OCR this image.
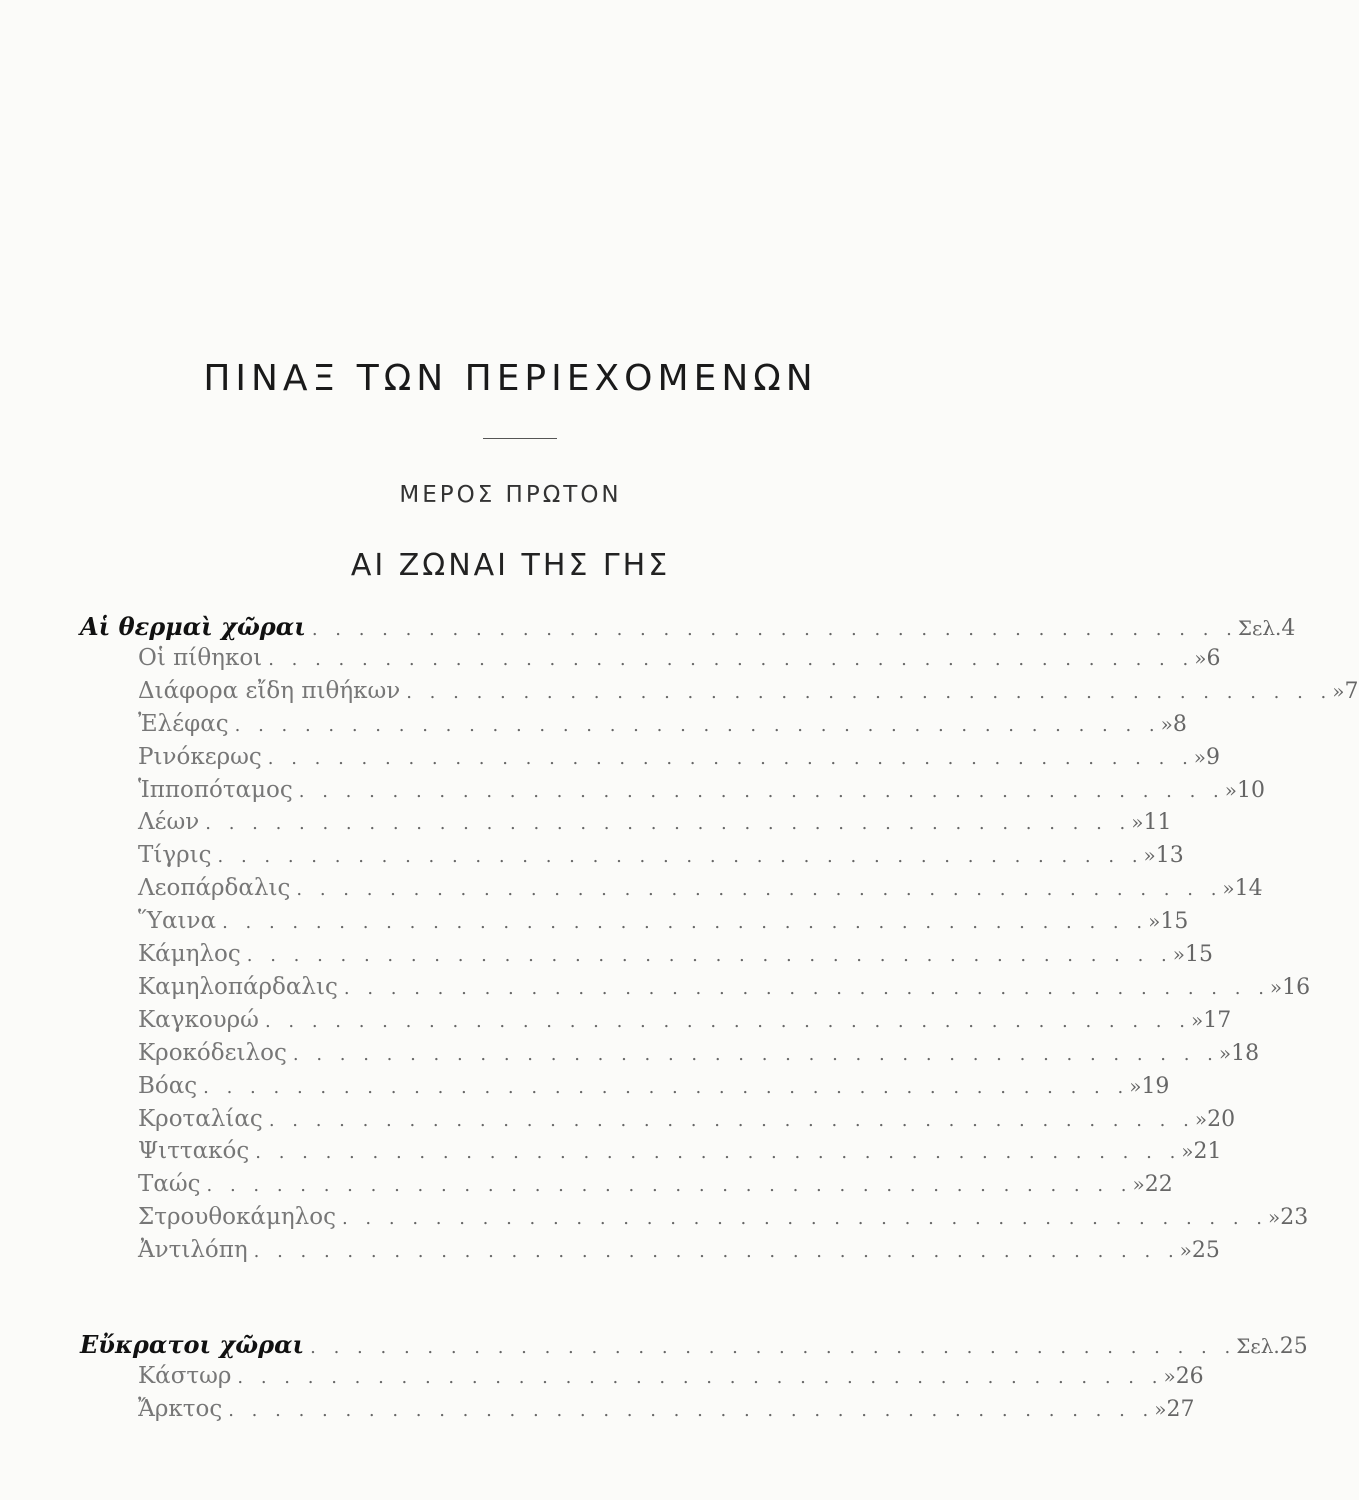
ΠΙΝΑΞ ΤΩΝ ΠΕΡΙΕΧΟΜΕΝΩΝ
ΜΕΡΟΣ ΠΡΩΤΟΝ
ΑΙ ΖΩΝΑΙ ΤΗΣ ΓΗΣ
Αἱ θερμαὶ χῶραι . . . . . . . . . . . . . . . . . . . . . . . . . . . . . . . . . . . . . . . . Σελ. 4
Οἱ πίθηκοι . . . . . . . . . . . . . . . . . . . . . . . . . . . . . . . . . . . . . . . . » 6
Διάφορα εἴδη πιθήκων . . . . . . . . . . . . . . . . . . . . . . . . . . . . . . . . . . . . . . . . » 7
Ἐλέφας . . . . . . . . . . . . . . . . . . . . . . . . . . . . . . . . . . . . . . . . » 8
Ρινόκερως . . . . . . . . . . . . . . . . . . . . . . . . . . . . . . . . . . . . . . . . » 9
Ἱπποπόταμος . . . . . . . . . . . . . . . . . . . . . . . . . . . . . . . . . . . . . . . . » 10
Λέων . . . . . . . . . . . . . . . . . . . . . . . . . . . . . . . . . . . . . . . . » 11
Τίγρις . . . . . . . . . . . . . . . . . . . . . . . . . . . . . . . . . . . . . . . . » 13
Λεοπάρδαλις . . . . . . . . . . . . . . . . . . . . . . . . . . . . . . . . . . . . . . . . » 14
Ὕαινα . . . . . . . . . . . . . . . . . . . . . . . . . . . . . . . . . . . . . . . . » 15
Κάμηλος . . . . . . . . . . . . . . . . . . . . . . . . . . . . . . . . . . . . . . . . » 15
Καμηλοπάρδαλις . . . . . . . . . . . . . . . . . . . . . . . . . . . . . . . . . . . . . . . . » 16
Καγκουρώ . . . . . . . . . . . . . . . . . . . . . . . . . . . . . . . . . . . . . . . . » 17
Κροκόδειλος . . . . . . . . . . . . . . . . . . . . . . . . . . . . . . . . . . . . . . . . » 18
Βόας . . . . . . . . . . . . . . . . . . . . . . . . . . . . . . . . . . . . . . . . » 19
Κροταλίας . . . . . . . . . . . . . . . . . . . . . . . . . . . . . . . . . . . . . . . . » 20
Ψιττακός . . . . . . . . . . . . . . . . . . . . . . . . . . . . . . . . . . . . . . . . » 21
Ταώς . . . . . . . . . . . . . . . . . . . . . . . . . . . . . . . . . . . . . . . . » 22
Στρουθοκάμηλος . . . . . . . . . . . . . . . . . . . . . . . . . . . . . . . . . . . . . . . . » 23
Ἀντιλόπη . . . . . . . . . . . . . . . . . . . . . . . . . . . . . . . . . . . . . . . . » 25
Εὔκρατοι χῶραι . . . . . . . . . . . . . . . . . . . . . . . . . . . . . . . . . . . . . . . . Σελ. 25
Κάστωρ . . . . . . . . . . . . . . . . . . . . . . . . . . . . . . . . . . . . . . . . » 26
Ἄρκτος . . . . . . . . . . . . . . . . . . . . . . . . . . . . . . . . . . . . . . . . » 27
